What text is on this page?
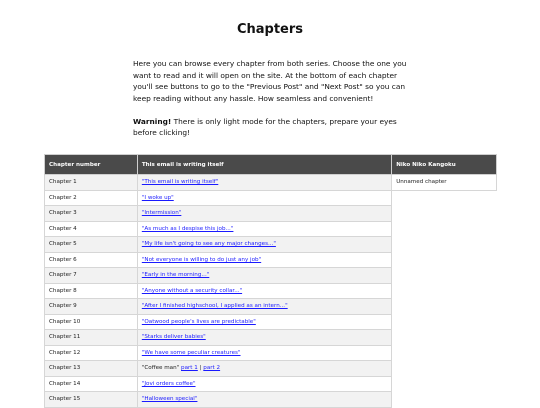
Chapters

Here you can browse every chapter from both series. Choose the one you want to read and it will open on the site. At the bottom of each chapter you'll see buttons to go to the "Previous Post" and "Next Post" so you can keep reading without any hassle. How seamless and convenient!

Warning! There is only light mode for the chapters, prepare your eyes before clicking!

Chapter number	This email is writing itself	Niko Niko Kangoku
Chapter 1	"This email is writing itself"	Unnamed chapter
Chapter 2	"I woke up"	
Chapter 3	"Intermission"	
Chapter 4	"As much as I despise this job..."	
Chapter 5	"My life isn't going to see any major changes..."	
Chapter 6	"Not everyone is willing to do just any job"	
Chapter 7	"Early in the morning..."	
Chapter 8	"Anyone without a security collar..."	
Chapter 9	"After I finished highschool, I applied as an intern..."	
Chapter 10	"Oatwood people's lives are predictable"	
Chapter 11	"Starks deliver babies"	
Chapter 12	"We have some peculiar creatures"	
Chapter 13	"Coffee man" part 1 | part 2	
Chapter 14	"Jovi orders coffee"	
Chapter 15	"Halloween special"	
